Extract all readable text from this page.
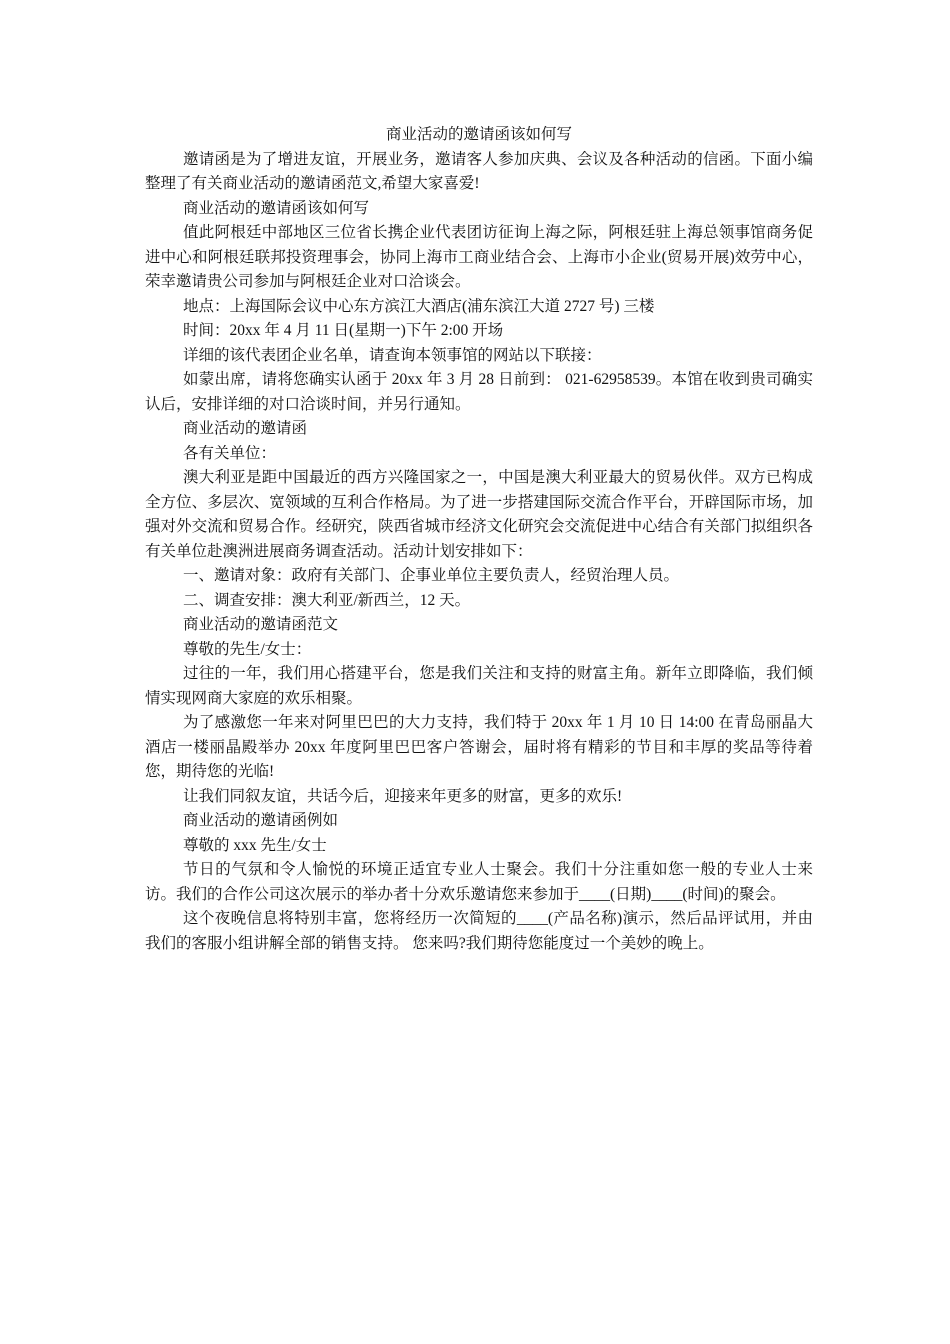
商业活动的邀请函该如何写

邀请函是为了增进友谊，开展业务，邀请客人参加庆典、会议及各种活动的信函。下面小编整理了有关商业活动的邀请函范文,希望大家喜爱!

商业活动的邀请函该如何写

值此阿根廷中部地区三位省长携企业代表团访征询上海之际，阿根廷驻上海总领事馆商务促进中心和阿根廷联邦投资理事会，协同上海市工商业结合会、上海市小企业(贸易开展)效劳中心，荣幸邀请贵公司参加与阿根廷企业对口洽谈会。

地点：上海国际会议中心东方滨江大酒店(浦东滨江大道 2727 号) 三楼

时间：20xx 年 4 月 11 日(星期一)下午 2:00 开场

详细的该代表团企业名单，请查询本领事馆的网站以下联接：

如蒙出席，请将您确实认函于 20xx 年 3 月 28 日前到： 021-62958539。本馆在收到贵司确实认后，安排详细的对口洽谈时间，并另行通知。

商业活动的邀请函

各有关单位：

澳大利亚是距中国最近的西方兴隆国家之一，中国是澳大利亚最大的贸易伙伴。双方已构成全方位、多层次、宽领域的互利合作格局。为了进一步搭建国际交流合作平台，开辟国际市场，加强对外交流和贸易合作。经研究，陕西省城市经济文化研究会交流促进中心结合有关部门拟组织各有关单位赴澳洲进展商务调查活动。活动计划安排如下：

一、邀请对象：政府有关部门、企事业单位主要负责人，经贸治理人员。

二、调查安排：澳大利亚/新西兰，12 天。

商业活动的邀请函范文

尊敬的先生/女士：

过往的一年，我们用心搭建平台，您是我们关注和支持的财富主角。新年立即降临，我们倾情实现网商大家庭的欢乐相聚。

为了感激您一年来对阿里巴巴的大力支持，我们特于 20xx 年 1 月 10 日 14:00 在青岛丽晶大酒店一楼丽晶殿举办 20xx 年度阿里巴巴客户答谢会，届时将有精彩的节目和丰厚的奖品等待着您，期待您的光临!

让我们同叙友谊，共话今后，迎接来年更多的财富，更多的欢乐!

商业活动的邀请函例如

尊敬的 xxx 先生/女士

节日的气氛和令人愉悦的环境正适宜专业人士聚会。我们十分注重如您一般的专业人士来访。我们的合作公司这次展示的举办者十分欢乐邀请您来参加于____(日期)____(时间)的聚会。

这个夜晚信息将特别丰富，您将经历一次简短的____(产品名称)演示，然后品评试用，并由我们的客服小组讲解全部的销售支持。 您来吗?我们期待您能度过一个美妙的晚上。
